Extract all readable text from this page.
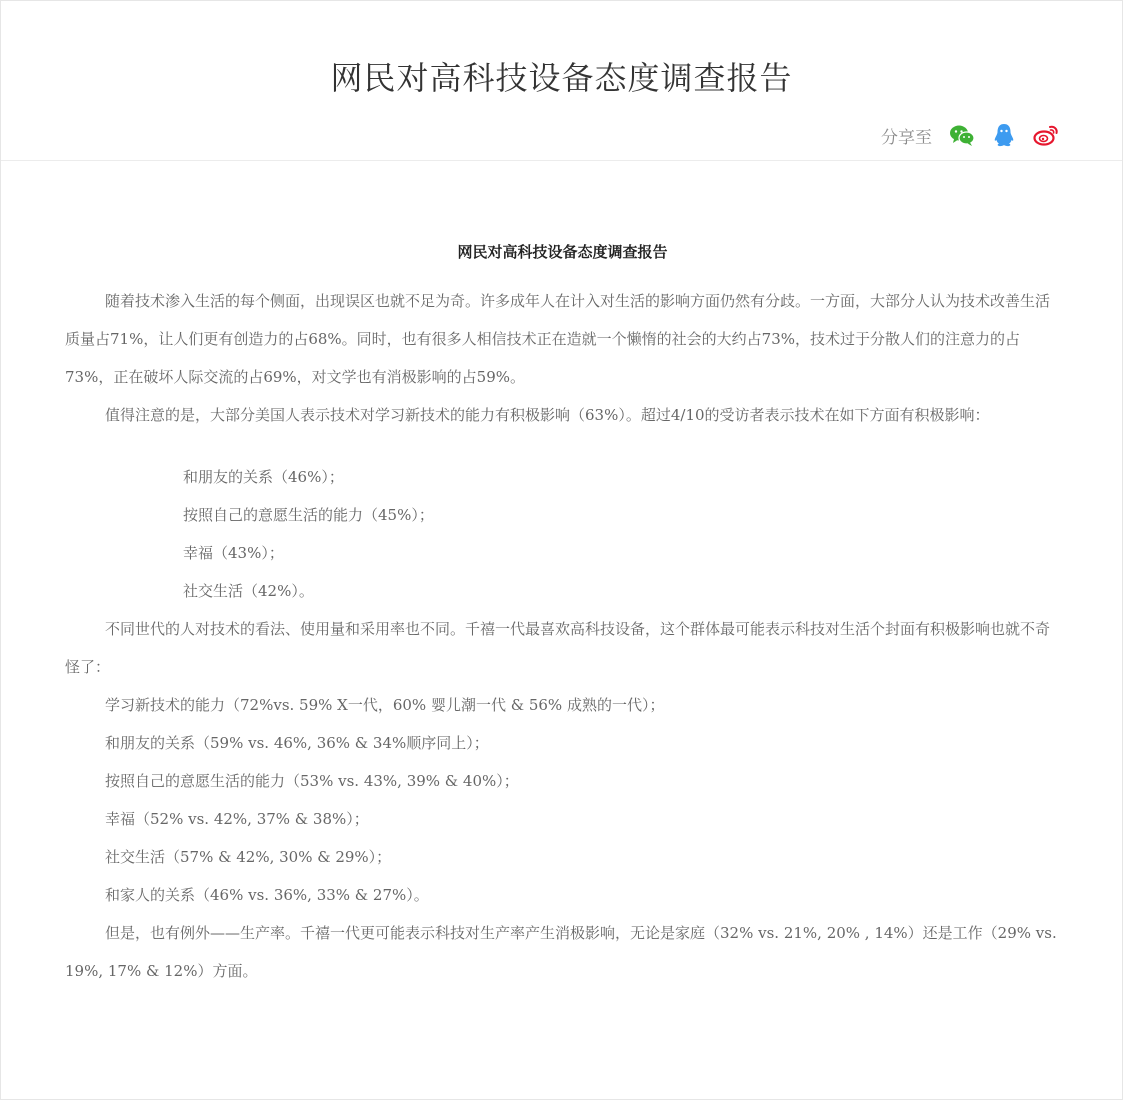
网民对高科技设备态度调查报告
分享至
网民对高科技设备态度调查报告

随着技术渗入生活的每个侧面，出现误区也就不足为奇。许多成年人在计入对生活的影响方面仍然有分歧。一方面，大部分人认为技术改善生活质量占71%，让人们更有创造力的占68%。同时，也有很多人相信技术正在造就一个懒惰的社会的大约占73%，技术过于分散人们的注意力的占73%，正在破坏人际交流的占69%，对文学也有消极影响的占59%。

值得注意的是，大部分美国人表示技术对学习新技术的能力有积极影响（63%）。超过4/10的受访者表示技术在如下方面有积极影响：

和朋友的关系（46%）；
按照自己的意愿生活的能力（45%）；
幸福（43%）；
社交生活（42%）。

不同世代的人对技术的看法、使用量和采用率也不同。千禧一代最喜欢高科技设备，这个群体最可能表示科技对生活个封面有积极影响也就不奇怪了：

学习新技术的能力（72%vs. 59% X一代，60% 婴儿潮一代 & 56% 成熟的一代）；
和朋友的关系（59% vs. 46%, 36% & 34%顺序同上）；
按照自己的意愿生活的能力（53% vs. 43%, 39% & 40%）；
幸福（52% vs. 42%, 37% & 38%）；
社交生活（57% & 42%, 30% & 29%）；
和家人的关系（46% vs. 36%, 33% & 27%）。

但是，也有例外——生产率。千禧一代更可能表示科技对生产率产生消极影响，无论是家庭（32% vs. 21%, 20% , 14%）还是工作（29% vs. 19%, 17% & 12%）方面。
